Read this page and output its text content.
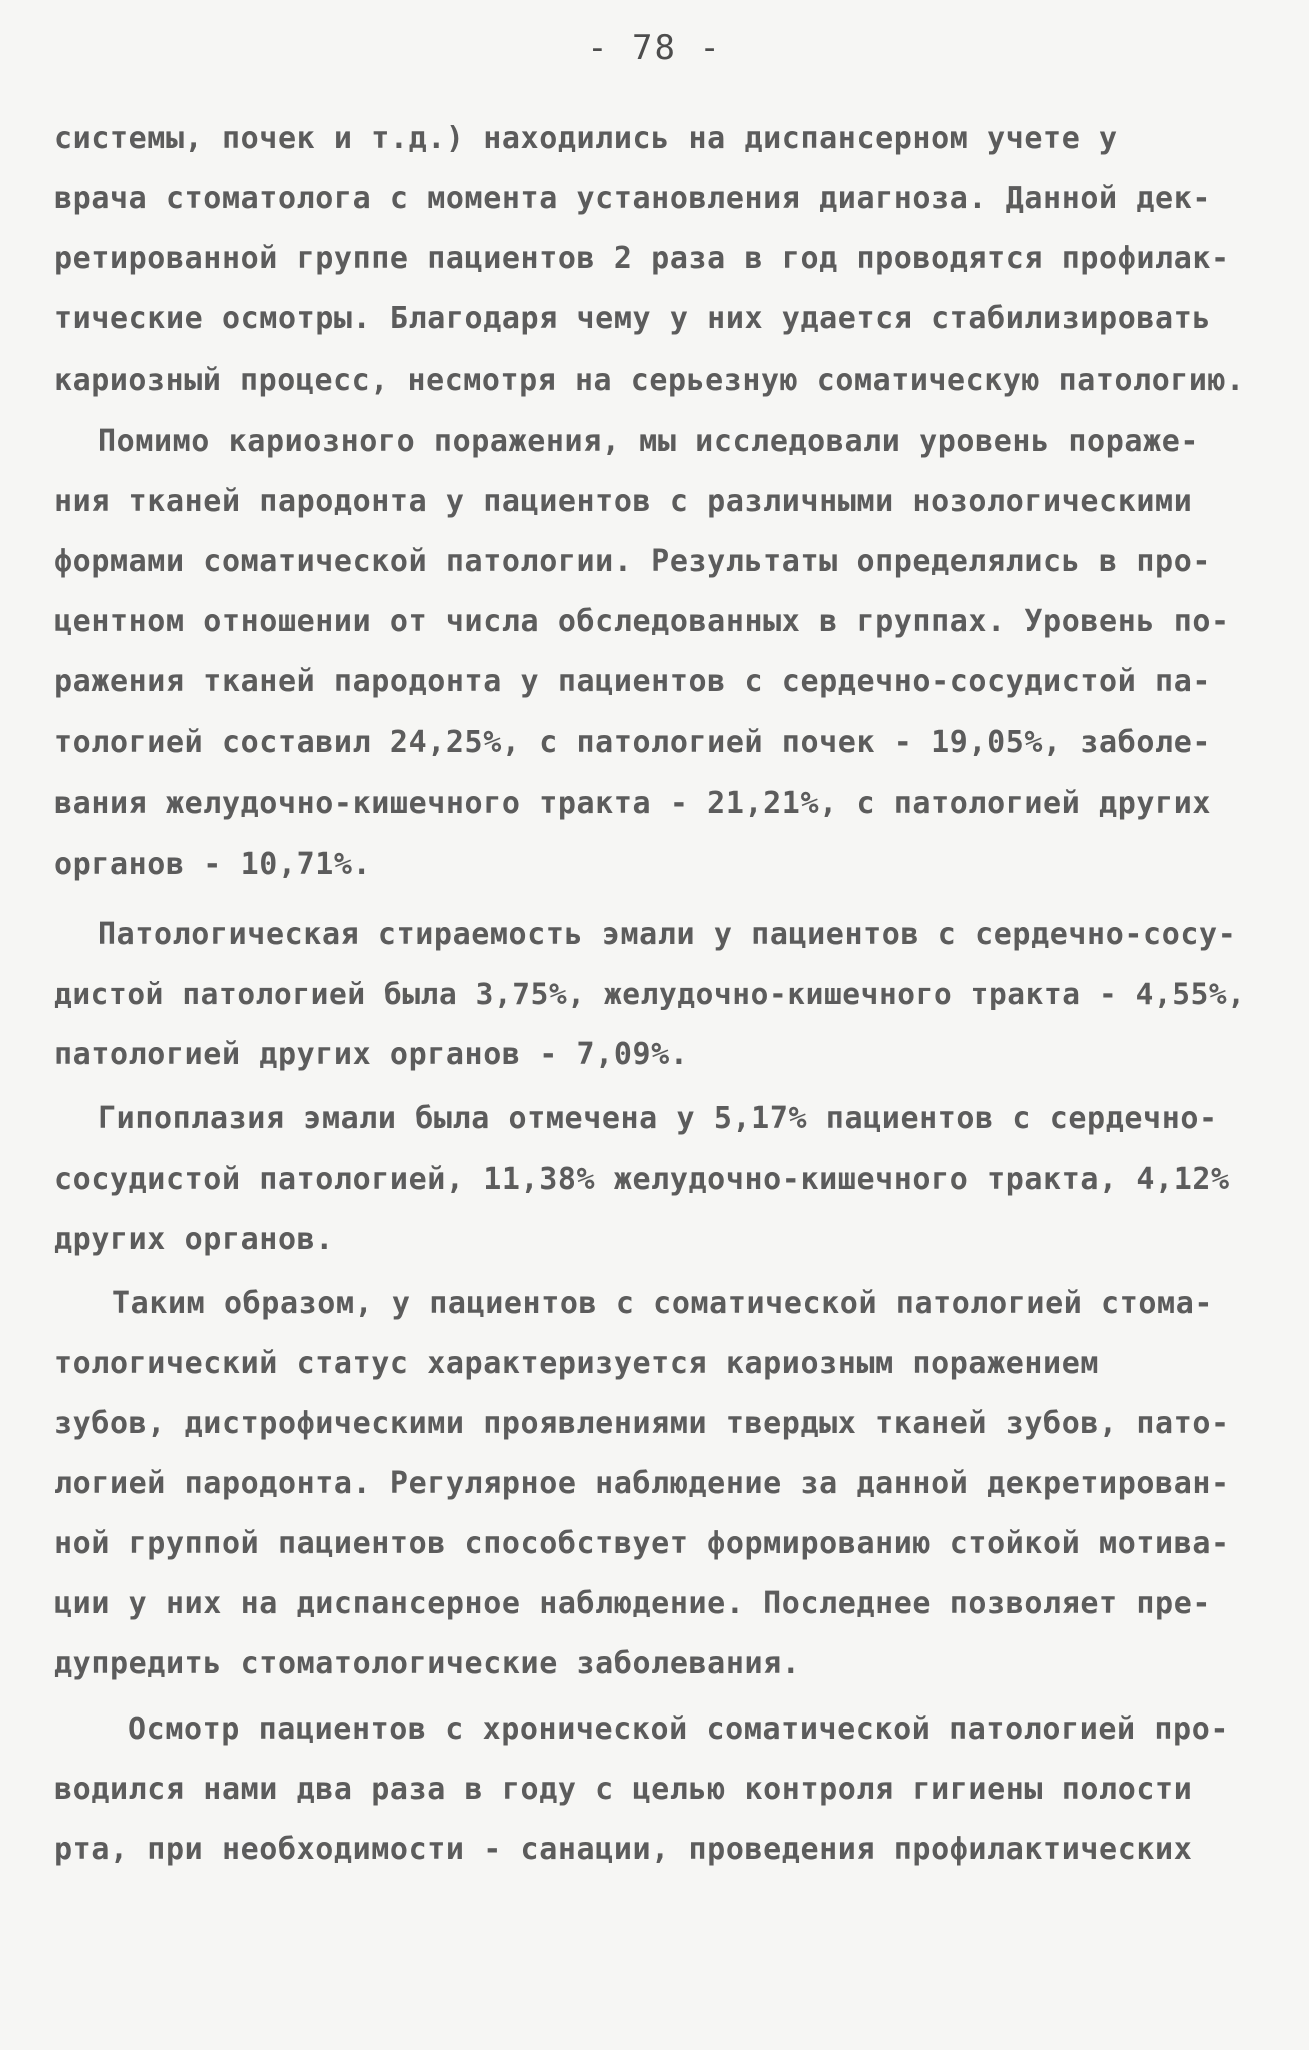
- 78 -
системы, почек и т.д.) находились на диспансерном учете у
врача стоматолога с момента установления диагноза. Данной дек-
ретированной группе пациентов 2 раза в год проводятся профилак-
тические осмотры. Благодаря чему у них удается стабилизировать
кариозный процесс, несмотря на серьезную соматическую патологию.
Помимо кариозного поражения, мы исследовали уровень пораже-
ния тканей пародонта у пациентов с различными нозологическими
формами соматической патологии. Результаты определялись в про-
центном отношении от числа обследованных в группах. Уровень по-
ражения тканей пародонта у пациентов с сердечно-сосудистой па-
тологией составил 24,25%, с патологией почек - 19,05%, заболе-
вания желудочно-кишечного тракта - 21,21%, с патологией других
органов - 10,71%.
Патологическая стираемость эмали у пациентов с сердечно-сосу-
дистой патологией была 3,75%, желудочно-кишечного тракта - 4,55%,
патологией других органов - 7,09%.
Гипоплазия эмали была отмечена у 5,17% пациентов с сердечно-
сосудистой патологией, 11,38% желудочно-кишечного тракта, 4,12%
других органов.
Таким образом, у пациентов с соматической патологией стома-
тологический статус характеризуется кариозным поражением
зубов, дистрофическими проявлениями твердых тканей зубов, пато-
логией пародонта. Регулярное наблюдение за данной декретирован-
ной группой пациентов способствует формированию стойкой мотива-
ции у них на диспансерное наблюдение. Последнее позволяет пре-
дупредить стоматологические заболевания.
Осмотр пациентов с хронической соматической патологией про-
водился нами два раза в году с целью контроля гигиены полости
рта, при необходимости - санации, проведения профилактических
